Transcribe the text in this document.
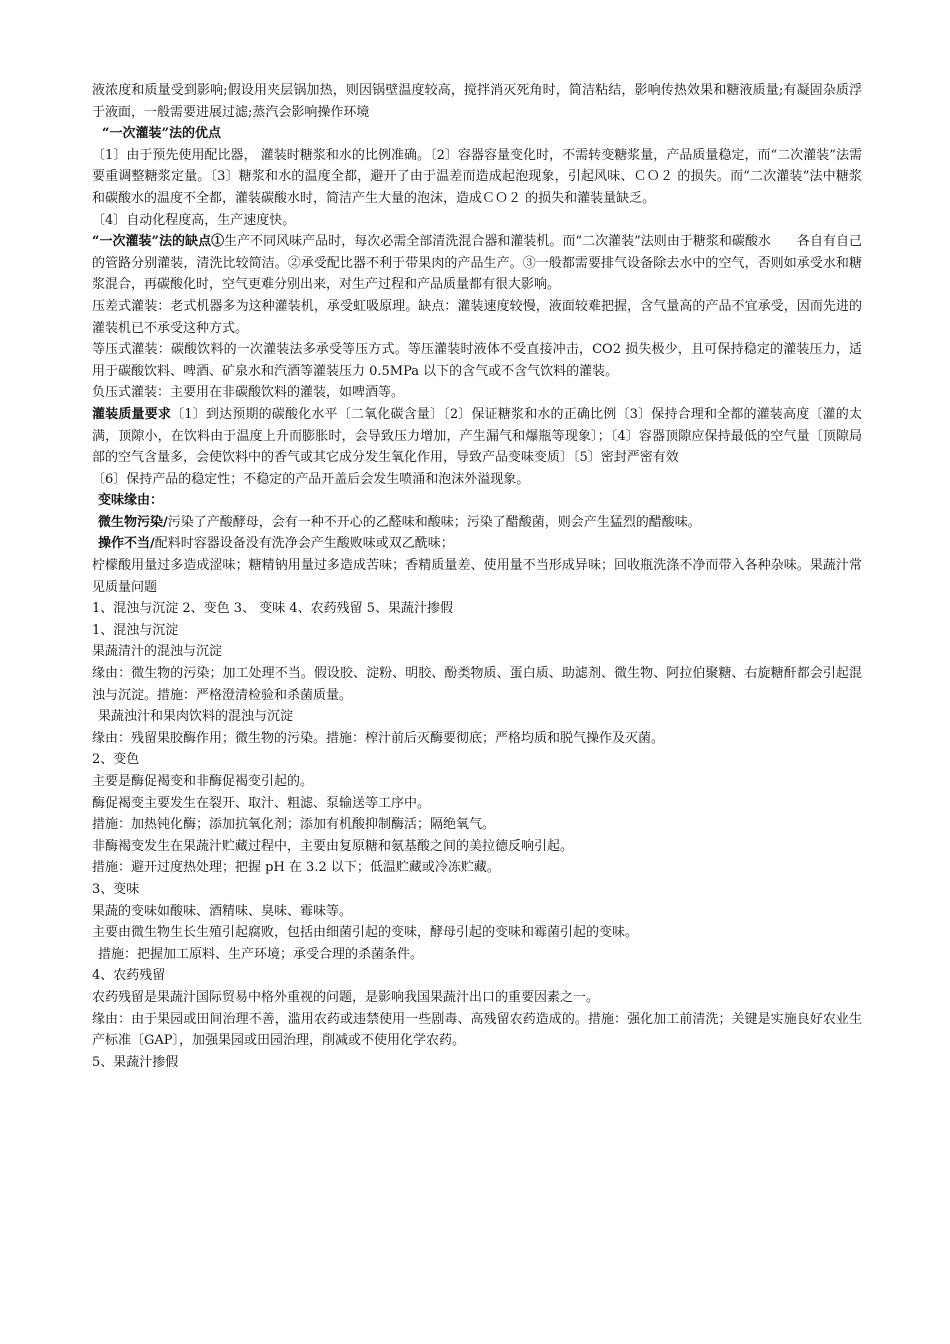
液浓度和质量受到影响;假设用夹层锅加热，则因锅壁温度较高，搅拌消灭死角时，简洁粘结，影响传热效果和糖液质量;有凝固杂质浮于液面，一般需要进展过滤;蒸汽会影响操作环境

“一次灌装”法的优点

〔1〕由于预先使用配比器， 灌装时糖浆和水的比例准确。〔2〕容器容量变化时，不需转变糖浆量，产品质量稳定，而“二次灌装”法需要重调整糖浆定量。〔3〕糖浆和水的温度全都，避开了由于温差而造成起泡现象，引起风味、ＣＯ２ 的损失。而“二次灌装”法中糖浆和碳酸水的温度不全都，灌装碳酸水时，简洁产生大量的泡沫，造成ＣＯ２ 的损失和灌装量缺乏。

〔4〕自动化程度高，生产速度快。

“一次灌装”法的缺点①生产不同风味产品时，每次必需全部清洗混合器和灌装机。而“二次灌装”法则由于糖浆和碳酸水　　各自有自己的管路分别灌装，清洗比较简洁。②承受配比器不利于带果肉的产品生产。③一般都需要排气设备除去水中的空气，否则如承受水和糖浆混合，再碳酸化时，空气更难分别出来，对生产过程和产品质量都有很大影响。

压差式灌装：老式机器多为这种灌装机，承受虹吸原理。缺点：灌装速度较慢，液面较难把握，含气量高的产品不宜承受，因而先进的灌装机已不承受这种方式。

等压式灌装：碳酸饮料的一次灌装法多承受等压方式。等压灌装时液体不受直接冲击，CO2 损失极少，且可保持稳定的灌装压力，适用于碳酸饮料、啤酒、矿泉水和汽酒等灌装压力 0.5MPa 以下的含气或不含气饮料的灌装。

负压式灌装：主要用在非碳酸饮料的灌装，如啤酒等。

灌装质量要求〔1〕到达预期的碳酸化水平〔二氧化碳含量〕〔2〕保证糖浆和水的正确比例〔3〕保持合理和全都的灌装高度〔灌的太满，顶隙小，在饮料由于温度上升而膨胀时，会导致压力增加，产生漏气和爆瓶等现象〕；〔4〕容器顶隙应保持最低的空气量〔顶隙局部的空气含量多，会使饮料中的香气或其它成分发生氧化作用，导致产品变味变质〕〔5〕密封严密有效

〔6〕保持产品的稳定性；不稳定的产品开盖后会发生喷涌和泡沫外溢现象。

变味缘由：

微生物污染/污染了产酸酵母，会有一种不开心的乙醛味和酸味；污染了醋酸菌，则会产生猛烈的醋酸味。

操作不当/配料时容器设备没有洗净会产生酸败味或双乙酰味；

柠檬酸用量过多造成涩味；糖精钠用量过多造成苦味；香精质量差、使用量不当形成异味；回收瓶洗涤不净而带入各种杂味。果蔬汁常见质量问题

1、混浊与沉淀 2、变色 3、 变味 4、农药残留 5、果蔬汁掺假

1、混浊与沉淀

果蔬清汁的混浊与沉淀

缘由：微生物的污染；加工处理不当。假设胶、淀粉、明胶、酚类物质、蛋白质、助滤剂、微生物、阿拉伯聚糖、右旋糖酐都会引起混浊与沉淀。措施：严格澄清检验和杀菌质量。

果蔬浊汁和果肉饮料的混浊与沉淀

缘由：残留果胶酶作用；微生物的污染。措施：榨汁前后灭酶要彻底；严格均质和脱气操作及灭菌。

2、变色

主要是酶促褐变和非酶促褐变引起的。

酶促褐变主要发生在裂开、取汁、粗滤、泵输送等工序中。

措施：加热钝化酶；添加抗氧化剂；添加有机酸抑制酶活；隔绝氧气。

非酶褐变发生在果蔬汁贮藏过程中，主要由复原糖和氨基酸之间的美拉德反响引起。

措施：避开过度热处理；把握 pH 在 3.2 以下；低温贮藏或冷冻贮藏。

3、变味

果蔬的变味如酸味、酒精味、臭味、霉味等。

主要由微生物生长生殖引起腐败，包括由细菌引起的变味，酵母引起的变味和霉菌引起的变味。

措施：把握加工原料、生产环境；承受合理的杀菌条件。

4、农药残留

农药残留是果蔬汁国际贸易中格外重视的问题，是影响我国果蔬汁出口的重要因素之一。

缘由：由于果园或田间治理不善，滥用农药或违禁使用一些剧毒、高残留农药造成的。措施：强化加工前清洗；关键是实施良好农业生产标准〔GAP〕，加强果园或田园治理，削减或不使用化学农药。

5、果蔬汁掺假
